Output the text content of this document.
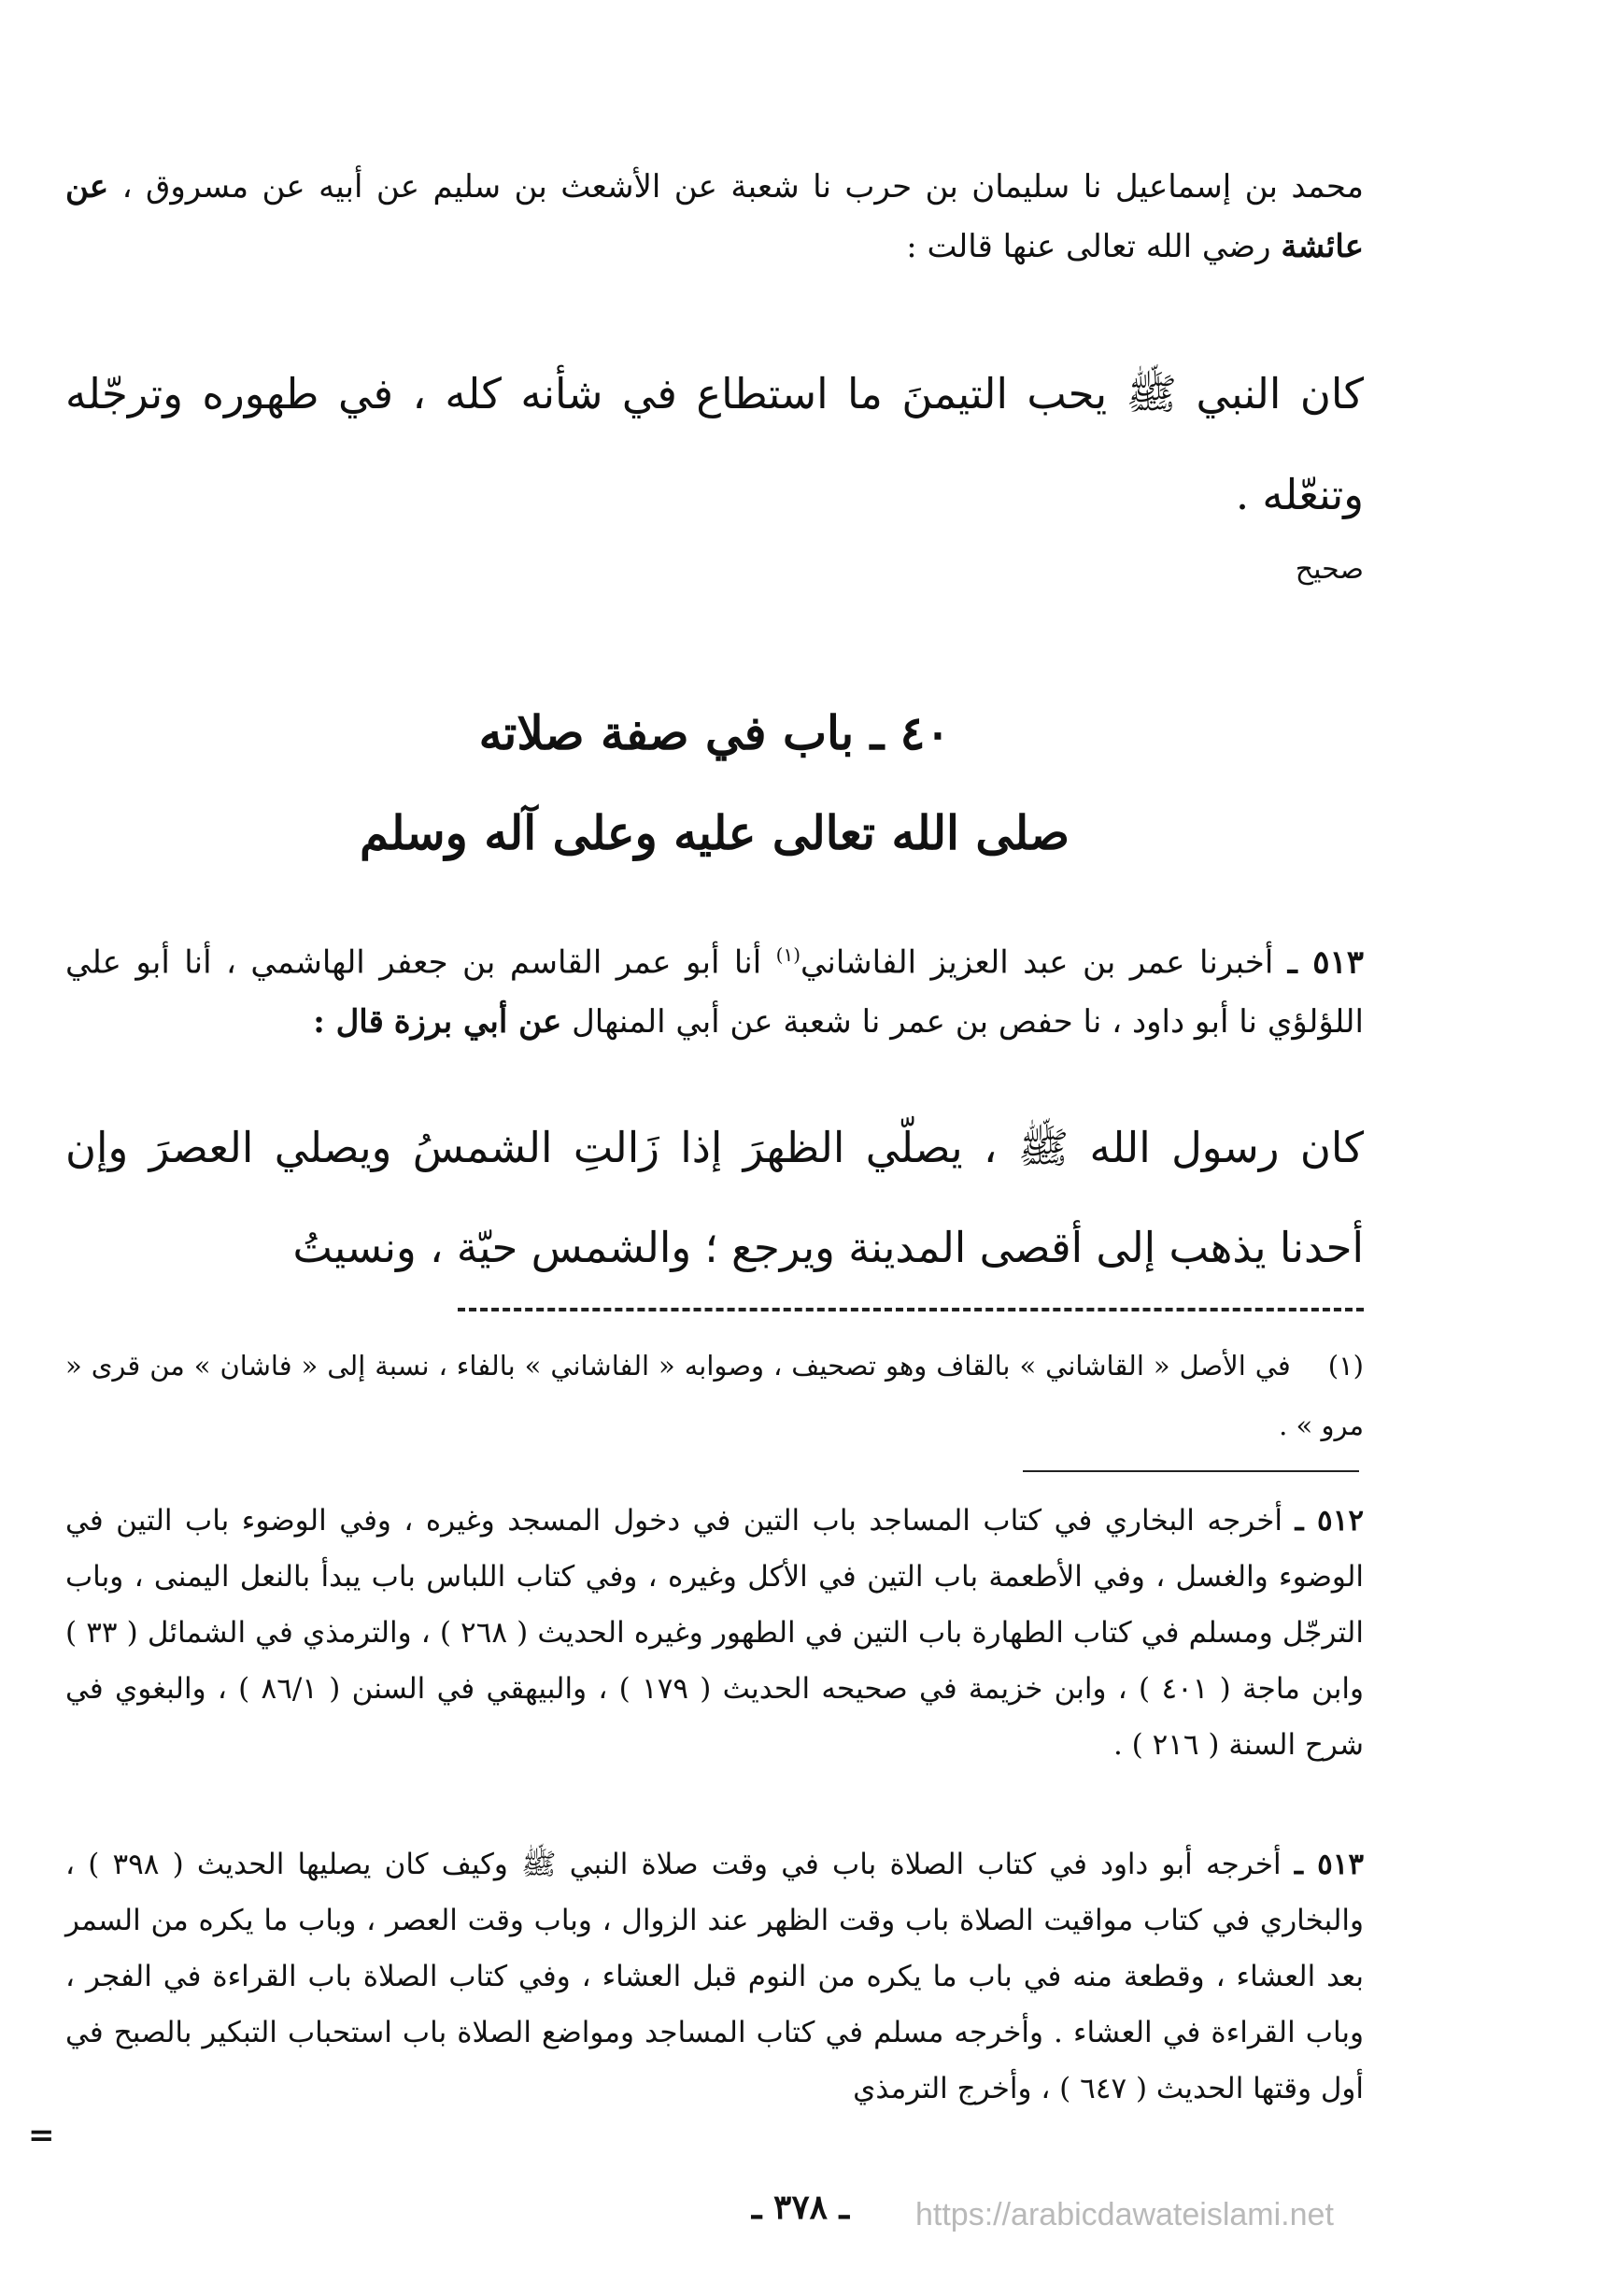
محمد بن إسماعيل نا سليمان بن حرب نا شعبة عن الأشعث بن سليم عن أبيه عن مسروق ، عن عائشة رضي الله تعالى عنها قالت :

كان النبي ﷺ يحب التيمنَ ما استطاع في شأنه كله ، في طهوره وترجّله وتنعّله .

صحيح
٤٠ ـ باب في صفة صلاته
صلى الله تعالى عليه وعلى آله وسلم

٥١٣ ـ أخبرنا عمر بن عبد العزيز الفاشاني$^{(١)}$ أنا أبو عمر القاسم بن جعفر الهاشمي ، أنا أبو علي اللؤلؤي نا أبو داود ، نا حفص بن عمر نا شعبة عن أبي المنهال عن أبي برزة قال :

كان رسول الله ﷺ ، يصلّي الظهرَ إذا زَالتِ الشمسُ ويصلي العصرَ وإن أحدنا يذهب إلى أقصى المدينة ويرجع ؛ والشمس حيّة ، ونسيتُ

(١)في الأصل « القاشاني » بالقاف وهو تصحيف ، وصوابه « الفاشاني » بالفاء ، نسبة إلى « فاشان » من قرى « مرو » .

٥١٢ ـ أخرجه البخاري في كتاب المساجد باب التين في دخول المسجد وغيره ، وفي الوضوء باب التين في الوضوء والغسل ، وفي الأطعمة باب التين في الأكل وغيره ، وفي كتاب اللباس باب يبدأ بالنعل اليمنى ، وباب الترجّل ومسلم في كتاب الطهارة باب التين في الطهور وغيره الحديث ( ٢٦٨ ) ، والترمذي في الشمائل ( ٣٣ ) وابن ماجة ( ٤٠١ ) ، وابن خزيمة في صحيحه الحديث ( ١٧٩ ) ، والبيهقي في السنن ( ٨٦/١ ) ، والبغوي في شرح السنة ( ٢١٦ ) .

٥١٣ ـ أخرجه أبو داود في كتاب الصلاة باب في وقت صلاة النبي ﷺ وكيف كان يصليها الحديث ( ٣٩٨ ) ، والبخاري في كتاب مواقيت الصلاة باب وقت الظهر عند الزوال ، وباب وقت العصر ، وباب ما يكره من السمر بعد العشاء ، وقطعة منه في باب ما يكره من النوم قبل العشاء ، وفي كتاب الصلاة باب القراءة في الفجر ، وباب القراءة في العشاء . وأخرجه مسلم في كتاب المساجد ومواضع الصلاة باب استحباب التبكير بالصبح في أول وقتها الحديث ( ٦٤٧ ) ، وأخرج الترمذي

=
ـ ٣٧٨ ـ	https://arabicdawateislami.net
